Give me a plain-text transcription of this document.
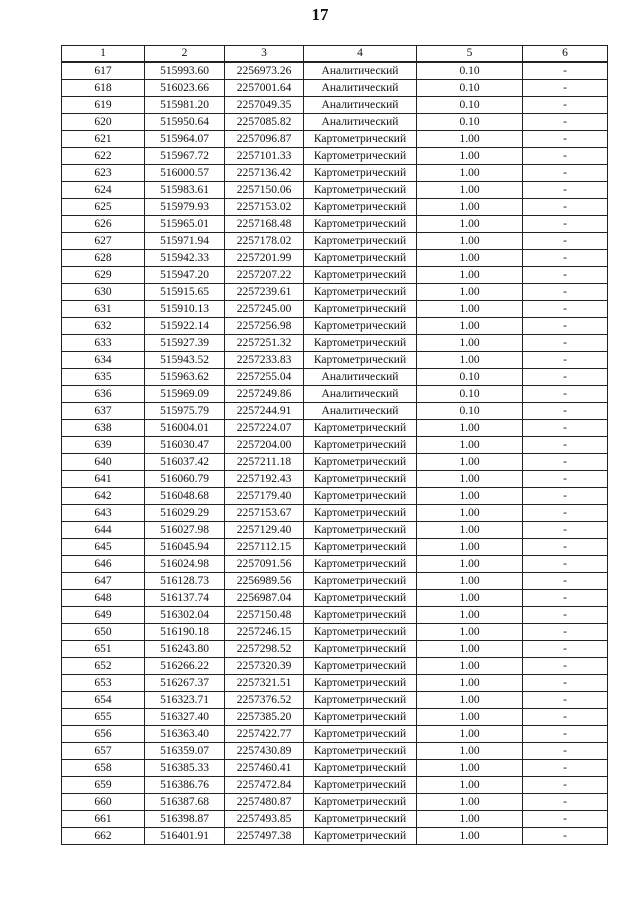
17
1	2	3	4	5	6
617	515993.60	2256973.26	Аналитический	0.10	-
618	516023.66	2257001.64	Аналитический	0.10	-
619	515981.20	2257049.35	Аналитический	0.10	-
620	515950.64	2257085.82	Аналитический	0.10	-
621	515964.07	2257096.87	Картометрический	1.00	-
622	515967.72	2257101.33	Картометрический	1.00	-
623	516000.57	2257136.42	Картометрический	1.00	-
624	515983.61	2257150.06	Картометрический	1.00	-
625	515979.93	2257153.02	Картометрический	1.00	-
626	515965.01	2257168.48	Картометрический	1.00	-
627	515971.94	2257178.02	Картометрический	1.00	-
628	515942.33	2257201.99	Картометрический	1.00	-
629	515947.20	2257207.22	Картометрический	1.00	-
630	515915.65	2257239.61	Картометрический	1.00	-
631	515910.13	2257245.00	Картометрический	1.00	-
632	515922.14	2257256.98	Картометрический	1.00	-
633	515927.39	2257251.32	Картометрический	1.00	-
634	515943.52	2257233.83	Картометрический	1.00	-
635	515963.62	2257255.04	Аналитический	0.10	-
636	515969.09	2257249.86	Аналитический	0.10	-
637	515975.79	2257244.91	Аналитический	0.10	-
638	516004.01	2257224.07	Картометрический	1.00	-
639	516030.47	2257204.00	Картометрический	1.00	-
640	516037.42	2257211.18	Картометрический	1.00	-
641	516060.79	2257192.43	Картометрический	1.00	-
642	516048.68	2257179.40	Картометрический	1.00	-
643	516029.29	2257153.67	Картометрический	1.00	-
644	516027.98	2257129.40	Картометрический	1.00	-
645	516045.94	2257112.15	Картометрический	1.00	-
646	516024.98	2257091.56	Картометрический	1.00	-
647	516128.73	2256989.56	Картометрический	1.00	-
648	516137.74	2256987.04	Картометрический	1.00	-
649	516302.04	2257150.48	Картометрический	1.00	-
650	516190.18	2257246.15	Картометрический	1.00	-
651	516243.80	2257298.52	Картометрический	1.00	-
652	516266.22	2257320.39	Картометрический	1.00	-
653	516267.37	2257321.51	Картометрический	1.00	-
654	516323.71	2257376.52	Картометрический	1.00	-
655	516327.40	2257385.20	Картометрический	1.00	-
656	516363.40	2257422.77	Картометрический	1.00	-
657	516359.07	2257430.89	Картометрический	1.00	-
658	516385.33	2257460.41	Картометрический	1.00	-
659	516386.76	2257472.84	Картометрический	1.00	-
660	516387.68	2257480.87	Картометрический	1.00	-
661	516398.87	2257493.85	Картометрический	1.00	-
662	516401.91	2257497.38	Картометрический	1.00	-
